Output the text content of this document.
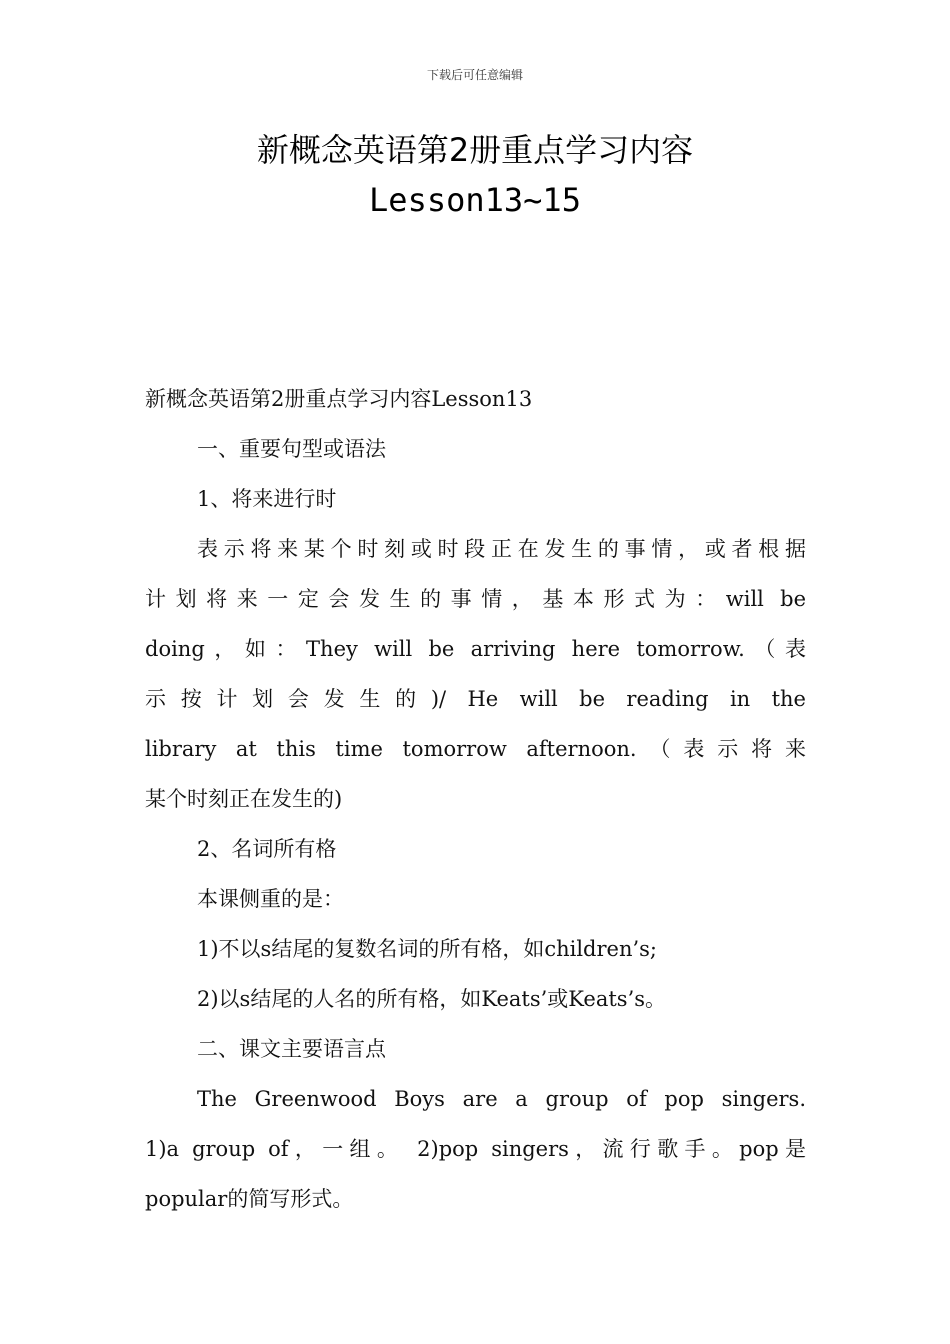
下载后可任意编辑
新概念英语第2册重点学习内容
Lesson13~15
新概念英语第2册重点学习内容Lesson13
一、重要句型或语法
1、将来进行时
表示将来某个时刻或时段正在发生的事情，或者根据
计划将来一定会发生的事情，基本形式为：will be
doing，如：They will be arriving here tomorrow.（表
示按计划会发生的)/ He will be reading in the
library at this time tomorrow afternoon.（表示将来
某个时刻正在发生的)
2、名词所有格
本课侧重的是：
1)不以s结尾的复数名词的所有格，如children’s;
2)以s结尾的人名的所有格，如Keats’或Keats’s。
二、课文主要语言点
The Greenwood Boys are a group of pop singers.
1)a group of，一组。 2)pop singers，流行歌手。pop是
popular的简写形式。
